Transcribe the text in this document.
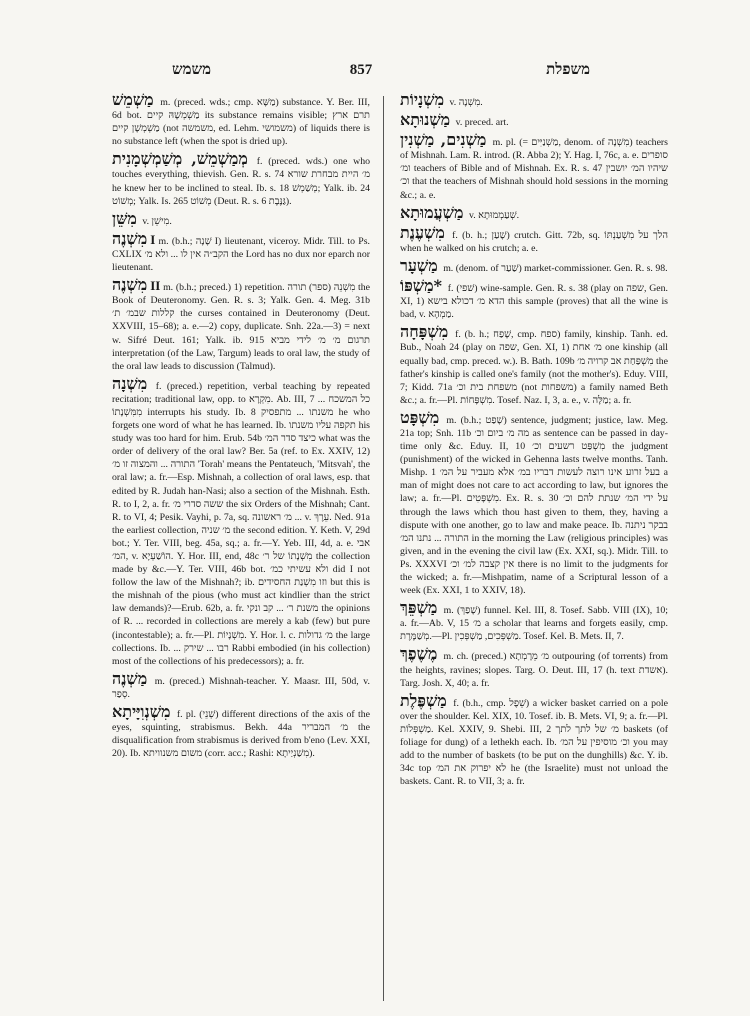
משמש	857	משפלת

מַשְׁמֵשׁ m. (preced. wds.; cmp. מַשָּׁא) substance. Y. Ber. III, 6d bot. מַשְׁמְשָׁהּ קיים its substance remains visible; תרם ארץ מַשְׁמְשָׁן קיים (not משמשה, ed. Lehm. משמושי) of liquids there is no substance left (when the spot is dried up).

מְמַשְׁמֵשׁ, מְשַׁמְשְׁמָנִית f. (preced. wds.) one who touches everything, thievish. Gen. R. s. 74 מ׳ היית מבחרת שורא he knew her to be inclined to steal. Ib. s. 18 מְשַׁמְשׁ; Yalk. ib. 24 מְשׁוֹט; Yalk. Is. 265 מְשׁוֹט (Deut. R. s. 6 גַּנֶּבֶת).

מִשֵּׁן v. מִישֵׁן.

מִשְׁנֶה I m. (b.h.; שָׁנָה I) lieutenant, viceroy. Midr. Till. to Ps. CXLIX הקב״ה אין לו ... ולא מ׳ the Lord has no dux nor eparch nor lieutenant.

מִשְׁנֶה II m. (b.h.; preced.) 1) repetition. מִשְׁנֵה (ספר) תורה the Book of Deuteronomy. Gen. R. s. 3; Yalk. Gen. 4. Meg. 31b קללות שבמ׳ ת׳ the curses contained in Deuteronomy (Deut. XXVIII, 15–68); a. e.—2) copy, duplicate. Snh. 22a.—3) = next w. Sifré Deut. 161; Yalk. ib. 915 תרגום מ׳ מ׳ לידי מביא interpretation (of the Law, Targum) leads to oral law, the study of the oral law leads to discussion (Talmud).

מִשְׁנָה f. (preced.) repetition, verbal teaching by repeated recitation; traditional law, opp. to מִקְרָא. Ab. III, 7 כל המשכח ... מִמִּשְׁנָתוֹ interrupts his study. Ib. 8 משנתו ... מתפסיק he who forgets one word of what he has learned. Ib. תקפה עליו משנתו his study was too hard for him. Erub. 54b כיצד סדר המ׳ what was the order of delivery of the oral law? Ber. 5a (ref. to Ex. XXIV, 12) התורה ... והמצוה זו מ׳ 'Torah' means the Pentateuch, 'Mitsvah', the oral law; a. fr.—Esp. Mishnah, a collection of oral laws, esp. that edited by R. Judah han-Nasi; also a section of the Mishnah. Esth. R. to I, 2, a. fr. ששה סדרי מ׳ the six Orders of the Mishnah; Cant. R. to VI, 4; Pesik. Vayhi, p. 7a, sq. מ׳ ראשונה ... v. עֵרֶךְ. Ned. 91a the earliest collection, מ׳ שניה the second edition. Y. Keth. V, 29d bot.; Y. Ter. VIII, beg. 45a, sq.; a. fr.—Y. Yeb. III, 4d, a. e. אבי המ׳, v. הוֹשַׁעְיָא. Y. Hor. III, end, 48c מִשְׁנָתוֹ של ר׳ the collection made by &c.—Y. Ter. VIII, 46b bot. ולא עשיתי כמ׳ did I not follow the law of the Mishnah?; ib. וזו מִשְׁנַת החסידים but this is the mishnah of the pious (who must act kindlier than the strict law demands)?—Erub. 62b, a. fr. משנת ר׳ ... קב ונקי the opinions of R. ... recorded in collections are merely a kab (few) but pure (incontestable); a. fr.—Pl. מִשְׁנָיוֹת. Y. Hor. l. c. מ׳ גדולות the large collections. Ib. ... רבו ... שירק Rabbi embodied (in his collection) most of the collections of his predecessors); a. fr.

מַשְׁנֶה m. (preced.) Mishnah-teacher. Y. Maasr. III, 50d, v. סְפַר.

מִשְׁנְוִיָּיתָא f. pl. (שְׁנֵי) different directions of the axis of the eyes, squinting, strabismus. Bekh. 44a מ׳ המבריר the disqualification from strabismus is derived from b'eno (Lev. XXI, 20). Ib. משום משנוויתא (corr. acc.; Rashi: מִשַׁנְיַיתָא).

מִשְׁנָיוֹת v. מִשְׁנָה.

מַשְׁנוּתָא v. preced. art.

מַשְׁנִים, מַשְׁנִין m. pl. (= מַשְׁנַיִּים, denom. of מִשְׁנָה) teachers of Mishnah. Lam. R. introd. (R. Abba 2); Y. Hag. I, 76c, a. e. סופרים ומ׳ teachers of Bible and of Mishnah. Ex. R. s. 47 שיהיו המ׳ יושבין וכ׳ that the teachers of Mishnah should hold sessions in the morning &c.; a. e.

מַשְׁעֲמוּתָא v. שְׁעַמְמוּתָא.

מִשְׁעֶנֶת f. (b. h.; שָׁעַן) crutch. Gitt. 72b, sq. הלך על מִשְׁעַנְתּוֹ when he walked on his crutch; a. e.

מַשְׁעָר m. (denom. of שַׁעַר) market-commissioner. Gen. R. s. 98.

*מַשְׁפּוֹ f. (שׁפי) wine-sample. Gen. R. s. 38 (play on שפה, Gen. XI, 1) הדא מ׳ דכולא בישא this sample (proves) that all the wine is bad, v. מַמְהָא.

מִשְׁפָּחָה f. (b. h.; שָׁפַח, cmp. ספח) family, kinship. Tanh. ed. Bub., Noah 24 (play on שפה, Gen. XI, 1) מ׳ אחת one kinship (all equally bad, cmp. preced. w.). B. Bath. 109b מִשְׁפַּחַת אב קרויה מ׳ the father's kinship is called one's family (not the mother's). Eduy. VIII, 7; Kidd. 71a משפחת בית וכ׳ (not משפחות) a family named Beth &c.; a. fr.—Pl. מִשְׁפָּחוֹת. Tosef. Naz. I, 3, a. e., v. מַלָּה; a. fr.

מִשְׁפָּט m. (b.h.; שָׁפַט) sentence, judgment; justice, law. Meg. 21a top; Snh. 11b מה מ׳ ביום וכ׳ as sentence can be passed in day-time only &c. Eduy. II, 10 מִשְׁפַּט רשעים וכ׳ the judgment (punishment) of the wicked in Gehenna lasts twelve months. Tanh. Mishp. 1 בעל זרוע אינו רוצה לעשות דבריו במ׳ אלא מעביר על המ׳ a man of might does not care to act according to law, but ignores the law; a. fr.—Pl. מִשְׁפָּטִים. Ex. R. s. 30 על ידי המ׳ שנתת להם וכ׳ through the laws which thou hast given to them, they, having a dispute with one another, go to law and make peace. Ib. בבקר ניתנה התורה ... נתנו המ׳ in the morning the Law (religious principles) was given, and in the evening the civil law (Ex. XXI, sq.). Midr. Till. to Ps. XXXVI אין קצבה למ׳ וכ׳ there is no limit to the judgments for the wicked; a. fr.—Mishpatim, name of a Scriptural lesson of a week (Ex. XXI, 1 to XXIV, 18).

מַשְׁפֵּךְ m. (שָׁפַךְ) funnel. Kel. III, 8. Tosef. Sabb. VIII (IX), 10; a. fr.—Ab. V, 15 מ׳ a scholar that learns and forgets easily, cmp. מְשַׁמֶּרֶת.—Pl. מַשְׁפְּכִים, מַשְׁפְּכִין. Tosef. Kel. B. Mets. II, 7.

מֶשֶׁפֶךְ m. ch. (preced.) מ׳ מֵרָמְתָא outpouring (of torrents) from the heights, ravines; slopes. Targ. O. Deut. III, 17 (h. text אשדת). Targ. Josh. X, 40; a. fr.

מַשְׁפֶּלֶת f. (b.h., cmp. שֵׁפֶל) a wicker basket carried on a pole over the shoulder. Kel. XIX, 10. Tosef. ib. B. Mets. VI, 9; a. fr.—Pl. מַשְׁפְּלוֹת. Kel. XXIV, 9. Shebi. III, 2 מ׳ של לתך לתך baskets (of foliage for dung) of a lethekh each. Ib. וכ׳ מוסיפין על המ׳ you may add to the number of baskets (to be put on the dunghills) &c. Y. ib. 34c top לא יפרוק את המ׳ he (the Israelite) must not unload the baskets. Cant. R. to VII, 3; a. fr.
